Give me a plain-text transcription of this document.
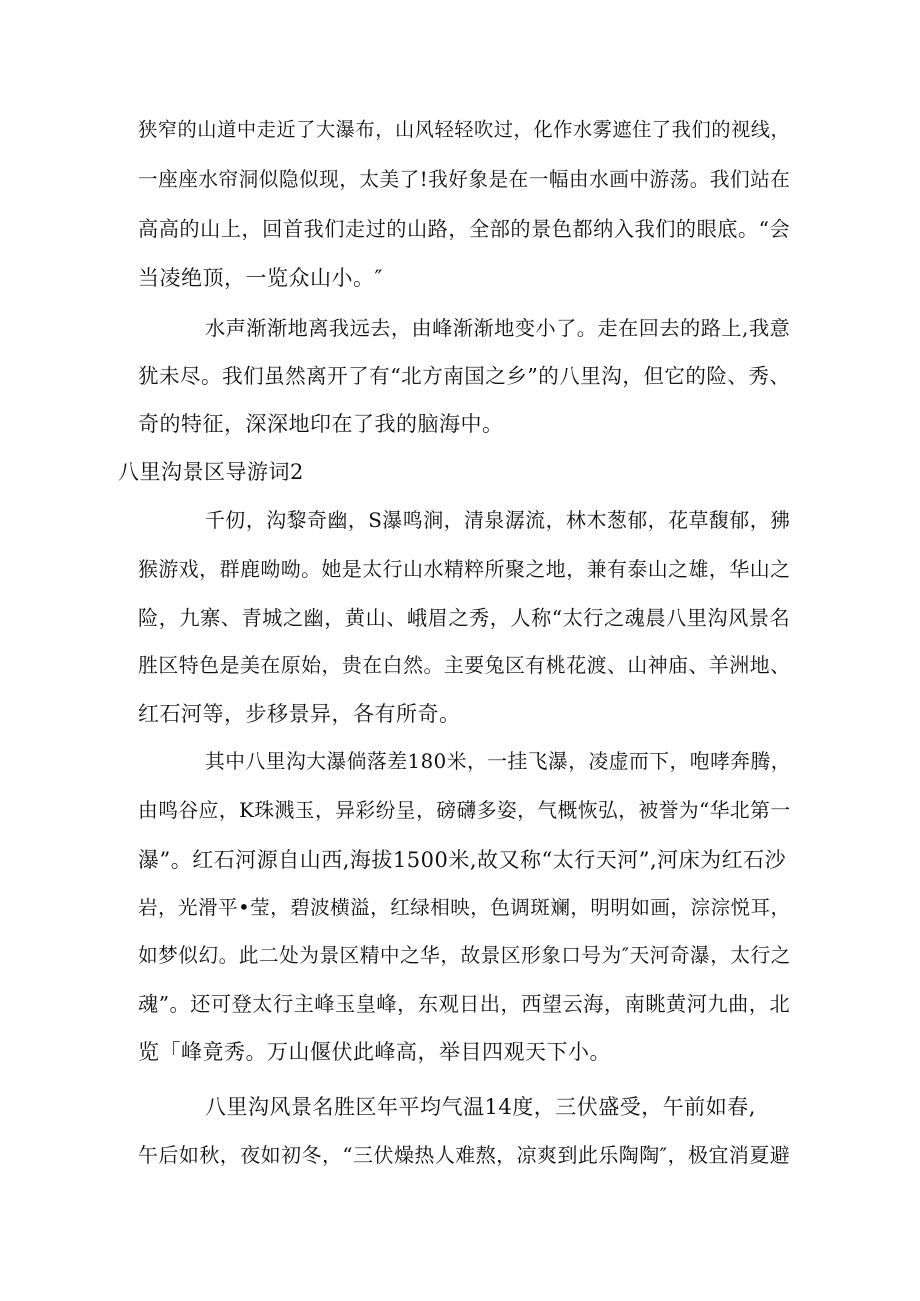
狭窄的山道中走近了大瀑布，山风轻轻吹过，化作水雾遮住了我们的视线，
一座座水帘洞似隐似现，太美了!我好象是在一幅由水画中游荡。我们站在
高高的山上，回首我们走过的山路，全部的景色都纳入我们的眼底。“会
当凌绝顶，一览众山小。″
水声渐渐地离我远去，由峰渐渐地变小了。走在回去的路上,我意
犹未尽。我们虽然离开了有“北方南国之乡”的八里沟，但它的险、秀、
奇的特征，深深地印在了我的脑海中。
八里沟景区导游词2
千仞，沟黎奇幽，S瀑鸣涧，清泉潺流，林木葱郁，花草馥郁，狒
猴游戏，群鹿呦呦。她是太行山水精粹所聚之地，兼有泰山之雄，华山之
险，九寨、青城之幽，黄山、峨眉之秀，人称“太行之魂晨八里沟风景名
胜区特色是美在原始，贵在白然。主要兔区有桃花渡、山神庙、羊洲地、
红石河等，步移景异，各有所奇。
其中八里沟大瀑倘落差180米，一挂飞瀑，凌虚而下，咆哮奔腾，
由鸣谷应，K珠溅玉，异彩纷呈，磅礴多姿，气概恢弘，被誉为“华北第一
瀑”。红石河源自山西,海拔1500米,故又称“太行天河”,河床为红石沙
岩，光滑平•莹，碧波横溢，红绿相映，色调斑斓，明明如画，淙淙悦耳，
如梦似幻。此二处为景区精中之华，故景区形象口号为″天河奇瀑，太行之
魂”。还可登太行主峰玉皇峰，东观日出，西望云海，南眺黄河九曲，北
览「峰竟秀。万山偃伏此峰高，举目四观天下小。
八里沟风景名胜区年平均气温14度，三伏盛受，午前如春,
午后如秋，夜如初冬，“三伏燥热人难熬，凉爽到此乐陶陶″，极宜消夏避
